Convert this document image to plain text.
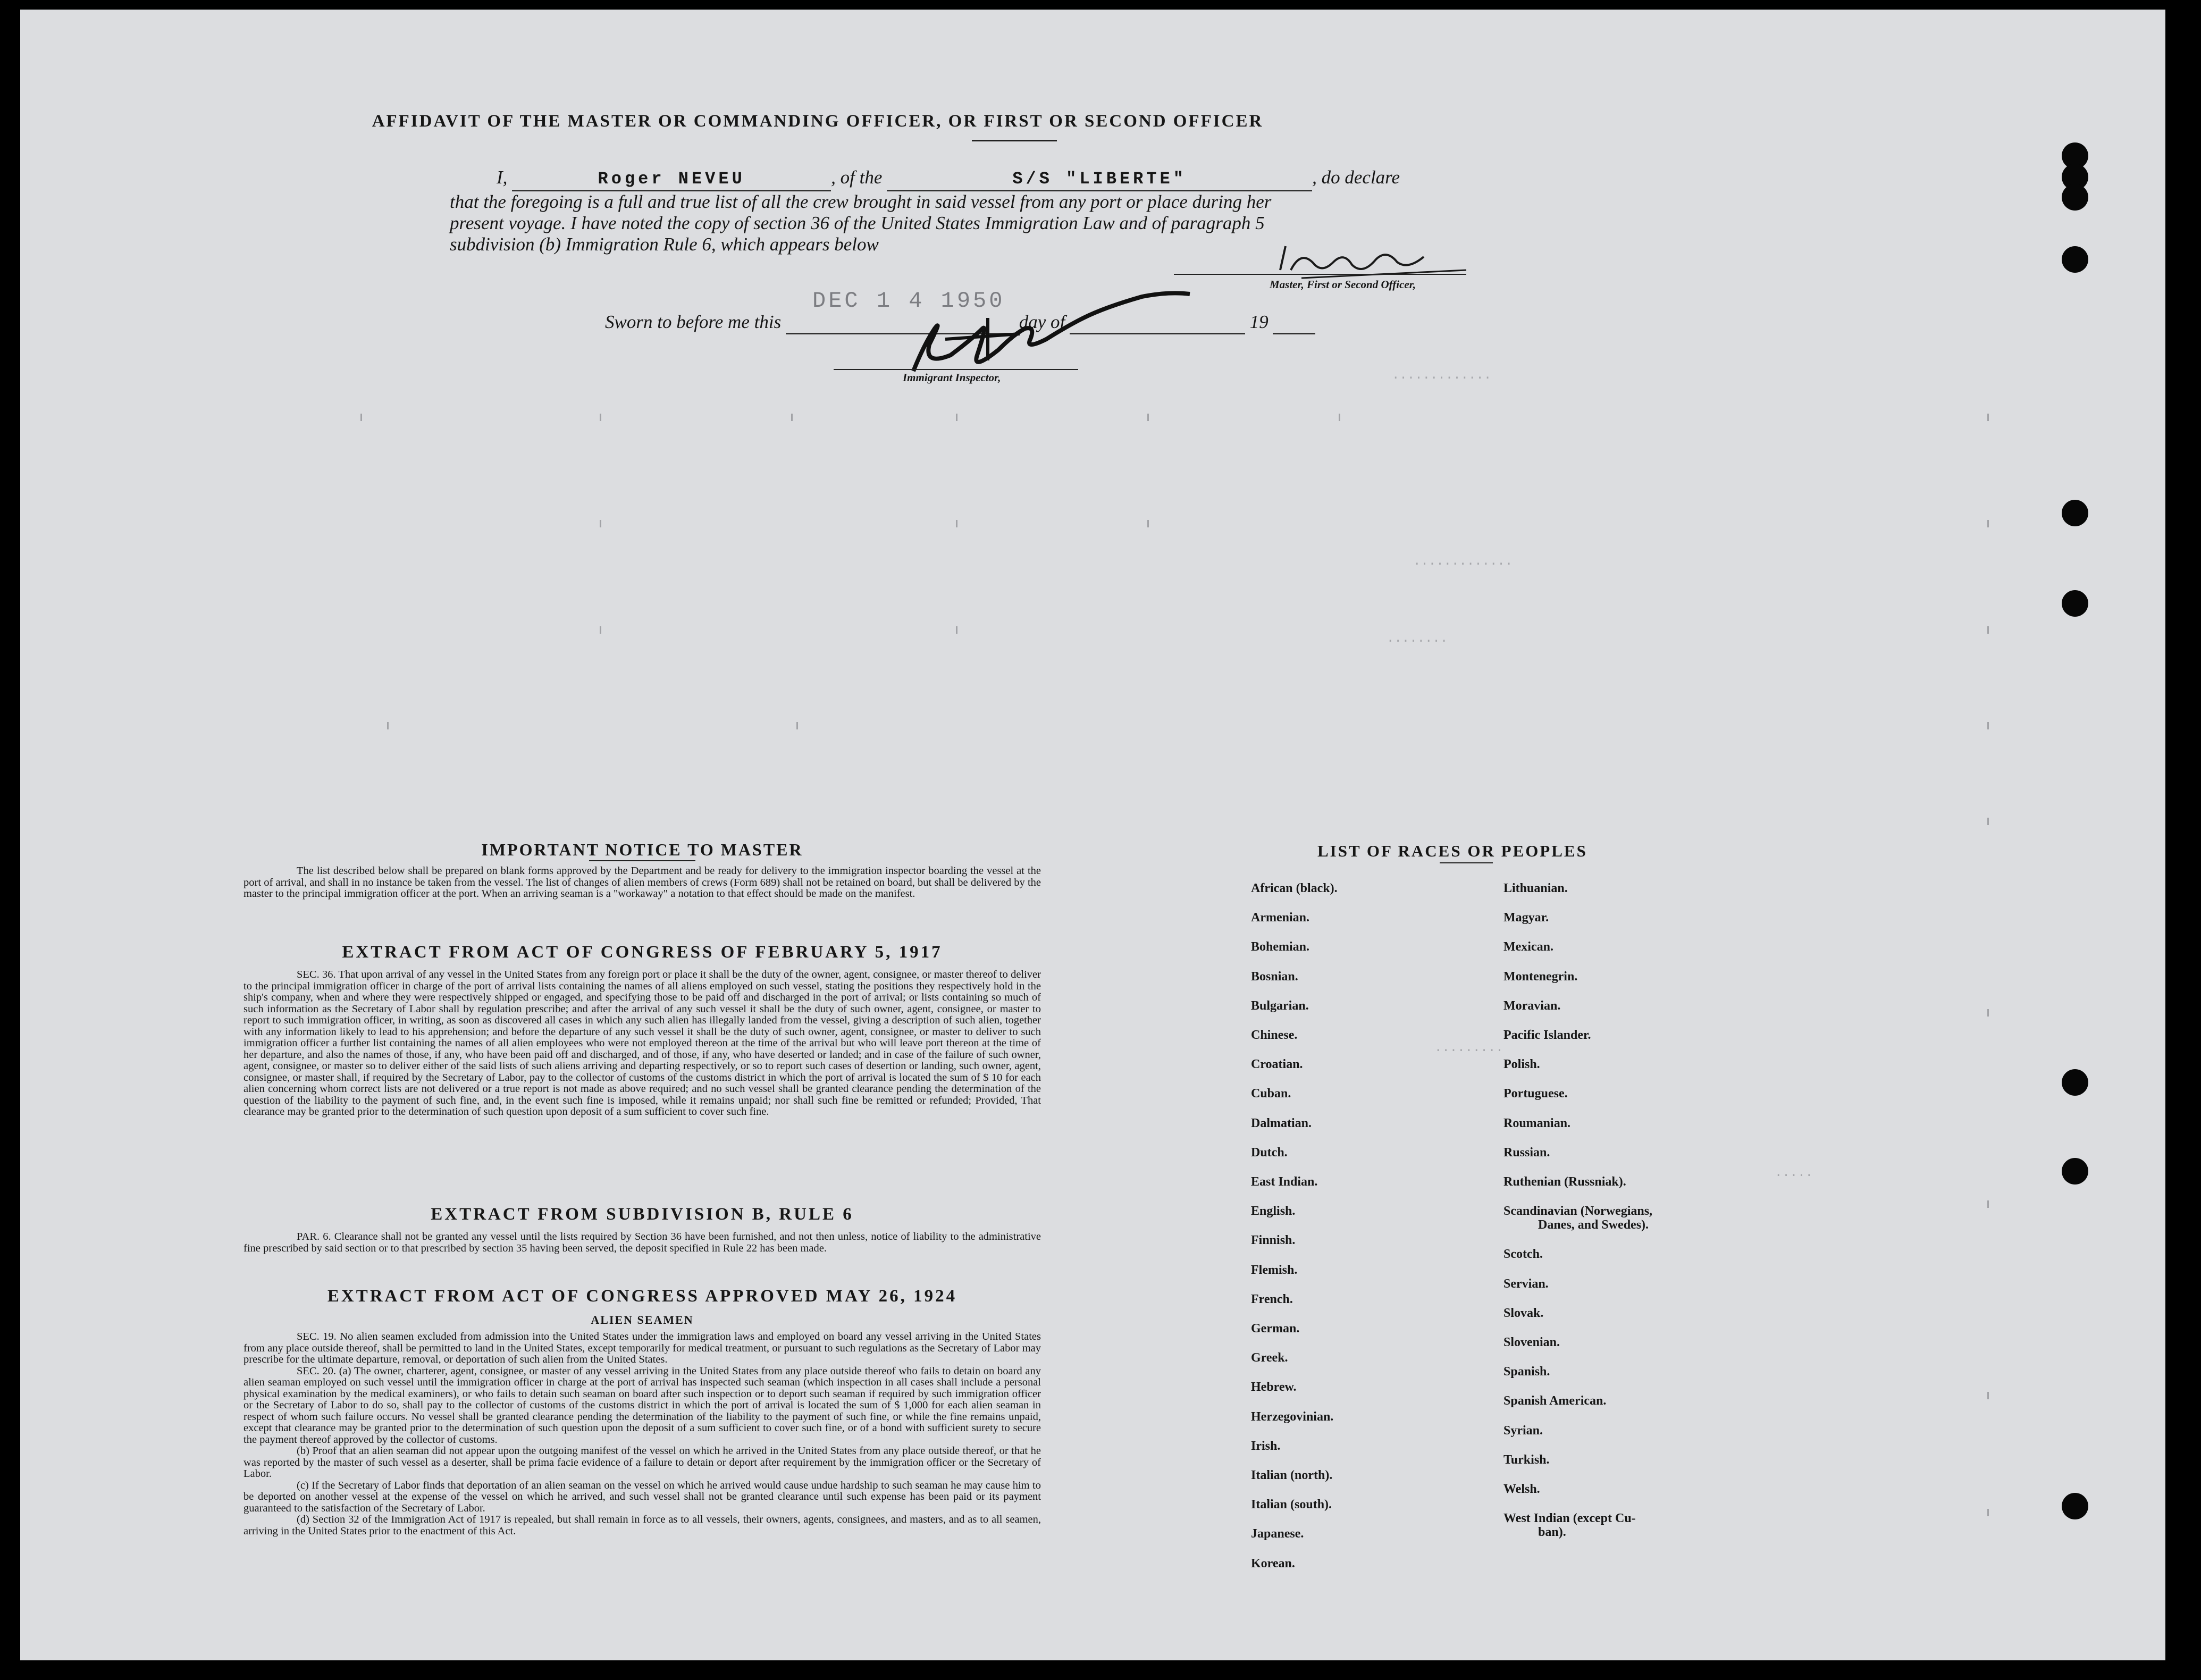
·············
·············
········
·········
·····
AFFIDAVIT OF THE MASTER OR COMMANDING OFFICER, OR FIRST OR SECOND OFFICER
I,	Roger NEVEU	, of the	S/S "LIBERTE"	, do declare
that the foregoing is a full and true list of all the crew brought in said vessel from any port or place during her
present voyage. I have noted the copy of section 36 of the United States Immigration Law and of paragraph 5
subdivision (b) Immigration Rule 6, which appears below
Master, First or Second Officer,
DEC 1 4 1950
Sworn to before me this	day of	19
Immigrant Inspector,
IMPORTANT NOTICE TO MASTER
The list described below shall be prepared on blank forms approved by the Department and be ready for delivery to the immigration inspector boarding the vessel at the port of arrival, and shall in no instance be taken from the vessel. The list of changes of alien members of crews (Form 689) shall not be retained on board, but shall be delivered by the master to the principal immigration officer at the port. When an arriving seaman is a "workaway" a notation to that effect should be made on the manifest.
EXTRACT FROM ACT OF CONGRESS OF FEBRUARY 5, 1917
SEC. 36. That upon arrival of any vessel in the United States from any foreign port or place it shall be the duty of the owner, agent, consignee, or master thereof to deliver to the principal immigration officer in charge of the port of arrival lists containing the names of all aliens employed on such vessel, stating the positions they respectively hold in the ship's company, when and where they were respectively shipped or engaged, and specifying those to be paid off and discharged in the port of arrival; or lists containing so much of such information as the Secretary of Labor shall by regulation prescribe; and after the arrival of any such vessel it shall be the duty of such owner, agent, consignee, or master to report to such immigration officer, in writing, as soon as discovered all cases in which any such alien has illegally landed from the vessel, giving a description of such alien, together with any information likely to lead to his apprehension; and before the departure of any such vessel it shall be the duty of such owner, agent, consignee, or master to deliver to such immigration officer a further list containing the names of all alien employees who were not employed thereon at the time of the arrival but who will leave port thereon at the time of her departure, and also the names of those, if any, who have been paid off and discharged, and of those, if any, who have deserted or landed; and in case of the failure of such owner, agent, consignee, or master so to deliver either of the said lists of such aliens arriving and departing respectively, or so to report such cases of desertion or landing, such owner, agent, consignee, or master shall, if required by the Secretary of Labor, pay to the collector of customs of the customs district in which the port of arrival is located the sum of $ 10 for each alien concerning whom correct lists are not delivered or a true report is not made as above required; and no such vessel shall be granted clearance pending the determination of the question of the liability to the payment of such fine, and, in the event such fine is imposed, while it remains unpaid; nor shall such fine be remitted or refunded; Provided, That clearance may be granted prior to the determination of such question upon deposit of a sum sufficient to cover such fine.
EXTRACT FROM SUBDIVISION B, RULE 6
PAR. 6. Clearance shall not be granted any vessel until the lists required by Section 36 have been furnished, and not then unless, notice of liability to the administrative fine prescribed by said section or to that prescribed by section 35 having been served, the deposit specified in Rule 22 has been made.
EXTRACT FROM ACT OF CONGRESS APPROVED MAY 26, 1924
ALIEN SEAMEN
SEC. 19. No alien seamen excluded from admission into the United States under the immigration laws and employed on board any vessel arriving in the United States from any place outside thereof, shall be permitted to land in the United States, except temporarily for medical treatment, or pursuant to such regulations as the Secretary of Labor may prescribe for the ultimate departure, removal, or deportation of such alien from the United States.
SEC. 20. (a) The owner, charterer, agent, consignee, or master of any vessel arriving in the United States from any place outside thereof who fails to detain on board any alien seaman employed on such vessel until the immigration officer in charge at the port of arrival has inspected such seaman (which inspection in all cases shall include a personal physical examination by the medical examiners), or who fails to detain such seaman on board after such inspection or to deport such seaman if required by such immigration officer or the Secretary of Labor to do so, shall pay to the collector of customs of the customs district in which the port of arrival is located the sum of $ 1,000 for each alien seaman in respect of whom such failure occurs. No vessel shall be granted clearance pending the determination of the liability to the payment of such fine, or while the fine remains unpaid, except that clearance may be granted prior to the determination of such question upon the deposit of a sum sufficient to cover such fine, or of a bond with sufficient surety to secure the payment thereof approved by the collector of customs.
(b) Proof that an alien seaman did not appear upon the outgoing manifest of the vessel on which he arrived in the United States from any place outside thereof, or that he was reported by the master of such vessel as a deserter, shall be prima facie evidence of a failure to detain or deport after requirement by the immigration officer or the Secretary of Labor.
(c) If the Secretary of Labor finds that deportation of an alien seaman on the vessel on which he arrived would cause undue hardship to such seaman he may cause him to be deported on another vessel at the expense of the vessel on which he arrived, and such vessel shall not be granted clearance until such expense has been paid or its payment guaranteed to the satisfaction of the Secretary of Labor.
(d) Section 32 of the Immigration Act of 1917 is repealed, but shall remain in force as to all vessels, their owners, agents, consignees, and masters, and as to all seamen, arriving in the United States prior to the enactment of this Act.
LIST OF RACES OR PEOPLES
African (black).
Armenian.
Bohemian.
Bosnian.
Bulgarian.
Chinese.
Croatian.
Cuban.
Dalmatian.
Dutch.
East Indian.
English.
Finnish.
Flemish.
French.
German.
Greek.
Hebrew.
Herzegovinian.
Irish.
Italian (north).
Italian (south).
Japanese.
Korean.
Lithuanian.
Magyar.
Mexican.
Montenegrin.
Moravian.
Pacific Islander.
Polish.
Portuguese.
Roumanian.
Russian.
Ruthenian (Russniak).
Scandinavian (Norwegians,
Danes, and Swedes).
Scotch.
Servian.
Slovak.
Slovenian.
Spanish.
Spanish American.
Syrian.
Turkish.
Welsh.
West Indian (except Cu-
ban).
